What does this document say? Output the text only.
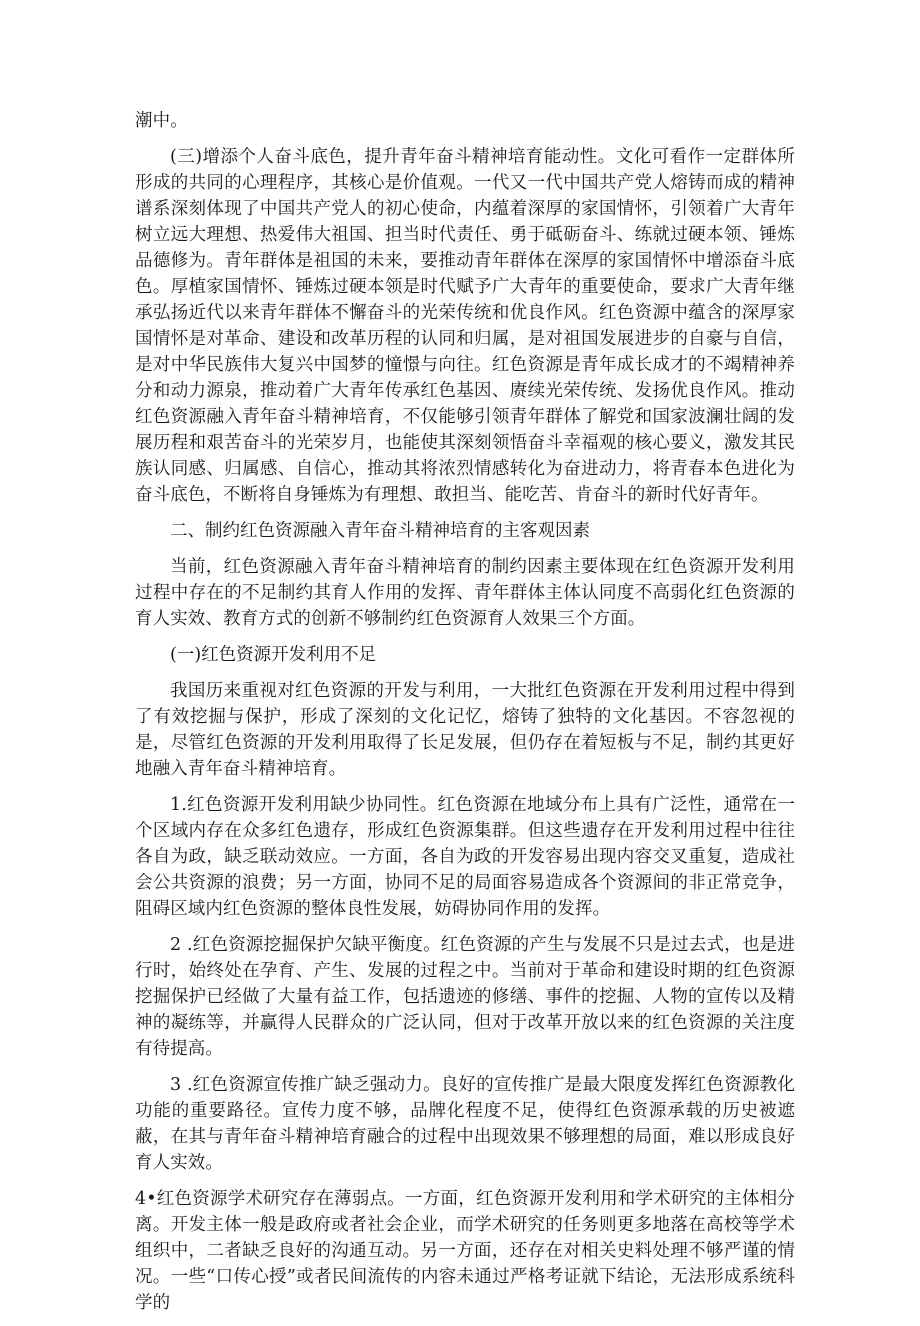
潮中。

(三)增添个人奋斗底色，提升青年奋斗精神培育能动性。文化可看作一定群体所形成的共同的心理程序，其核心是价值观。一代又一代中国共产党人熔铸而成的精神谱系深刻体现了中国共产党人的初心使命，内蕴着深厚的家国情怀，引领着广大青年树立远大理想、热爱伟大祖国、担当时代责任、勇于砥砺奋斗、练就过硬本领、锤炼品德修为。青年群体是祖国的未来，要推动青年群体在深厚的家国情怀中增添奋斗底色。厚植家国情怀、锤炼过硬本领是时代赋予广大青年的重要使命，要求广大青年继承弘扬近代以来青年群体不懈奋斗的光荣传统和优良作风。红色资源中蕴含的深厚家国情怀是对革命、建设和改革历程的认同和归属，是对祖国发展进步的自豪与自信，是对中华民族伟大复兴中国梦的憧憬与向往。红色资源是青年成长成才的不竭精神养分和动力源泉，推动着广大青年传承红色基因、赓续光荣传统、发扬优良作风。推动红色资源融入青年奋斗精神培育，不仅能够引领青年群体了解党和国家波澜壮阔的发展历程和艰苦奋斗的光荣岁月，也能使其深刻领悟奋斗幸福观的核心要义，激发其民族认同感、归属感、自信心，推动其将浓烈情感转化为奋进动力，将青春本色进化为奋斗底色，不断将自身锤炼为有理想、敢担当、能吃苦、肯奋斗的新时代好青年。

二、制约红色资源融入青年奋斗精神培育的主客观因素

当前，红色资源融入青年奋斗精神培育的制约因素主要体现在红色资源开发利用过程中存在的不足制约其育人作用的发挥、青年群体主体认同度不高弱化红色资源的育人实效、教育方式的创新不够制约红色资源育人效果三个方面。

(一)红色资源开发利用不足

我国历来重视对红色资源的开发与利用，一大批红色资源在开发利用过程中得到了有效挖掘与保护，形成了深刻的文化记忆，熔铸了独特的文化基因。不容忽视的是，尽管红色资源的开发利用取得了长足发展，但仍存在着短板与不足，制约其更好地融入青年奋斗精神培育。

1.红色资源开发利用缺少协同性。红色资源在地域分布上具有广泛性，通常在一个区域内存在众多红色遗存，形成红色资源集群。但这些遗存在开发利用过程中往往各自为政，缺乏联动效应。一方面，各自为政的开发容易出现内容交叉重复，造成社会公共资源的浪费；另一方面，协同不足的局面容易造成各个资源间的非正常竞争，阻碍区域内红色资源的整体良性发展，妨碍协同作用的发挥。

2 .红色资源挖掘保护欠缺平衡度。红色资源的产生与发展不只是过去式，也是进行时，始终处在孕育、产生、发展的过程之中。当前对于革命和建设时期的红色资源挖掘保护已经做了大量有益工作，包括遗迹的修缮、事件的挖掘、人物的宣传以及精神的凝练等，并赢得人民群众的广泛认同，但对于改革开放以来的红色资源的关注度有待提高。

3 .红色资源宣传推广缺乏强动力。良好的宣传推广是最大限度发挥红色资源教化功能的重要路径。宣传力度不够，品牌化程度不足，使得红色资源承载的历史被遮蔽，在其与青年奋斗精神培育融合的过程中出现效果不够理想的局面，难以形成良好育人实效。

4•红色资源学术研究存在薄弱点。一方面，红色资源开发利用和学术研究的主体相分离。开发主体一般是政府或者社会企业，而学术研究的任务则更多地落在高校等学术组织中，二者缺乏良好的沟通互动。另一方面，还存在对相关史料处理不够严谨的情况。一些“口传心授”或者民间流传的内容未通过严格考证就下结论，无法形成系统科学的
